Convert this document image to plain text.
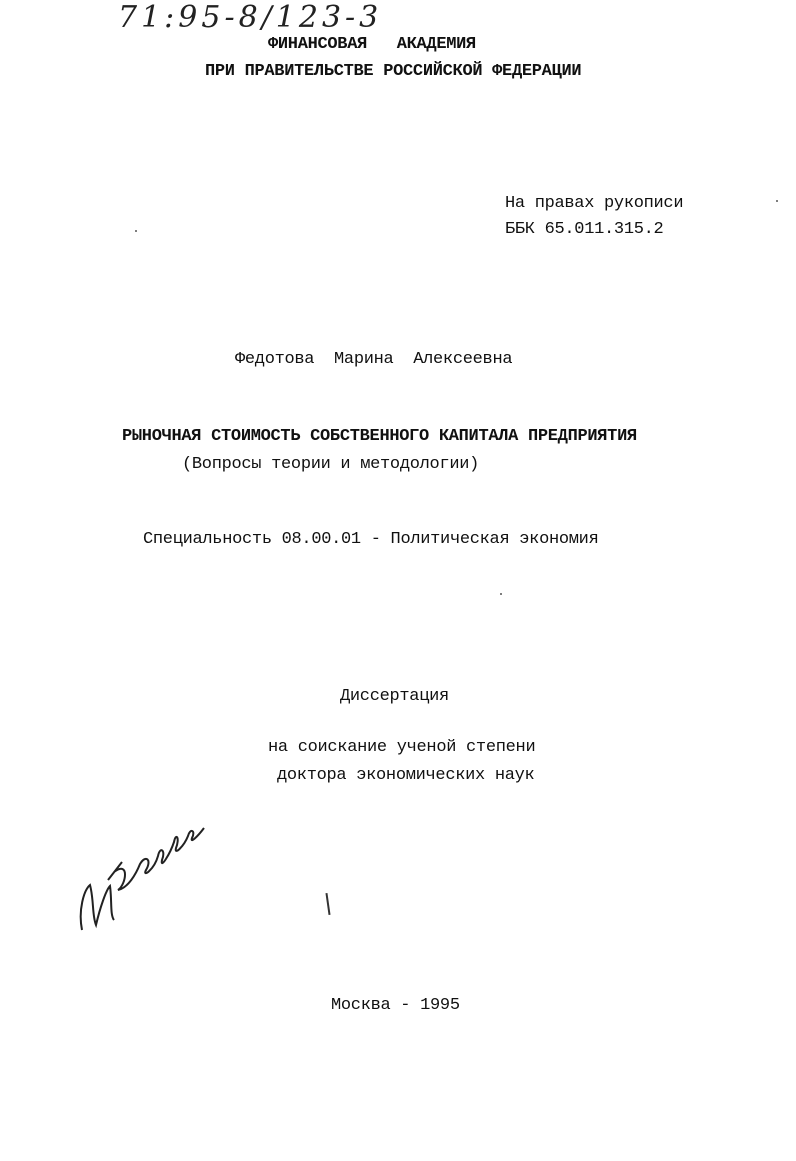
71:95-8/123-3
ФИНАНСОВАЯ   АКАДЕМИЯ
ПРИ ПРАВИТЕЛЬСТВЕ РОССИЙСКОЙ ФЕДЕРАЦИИ
На правах рукописи
ББК 65.011.315.2
Федотова  Марина  Алексеевна
РЫНОЧНАЯ СТОИМОСТЬ СОБСТВЕННОГО КАПИТАЛА ПРЕДПРИЯТИЯ
(Вопросы теории и методологии)
Специальность 08.00.01 - Политическая экономия
Диссертация
на соискание ученой степени
доктора экономических наук
Москва - 1995
